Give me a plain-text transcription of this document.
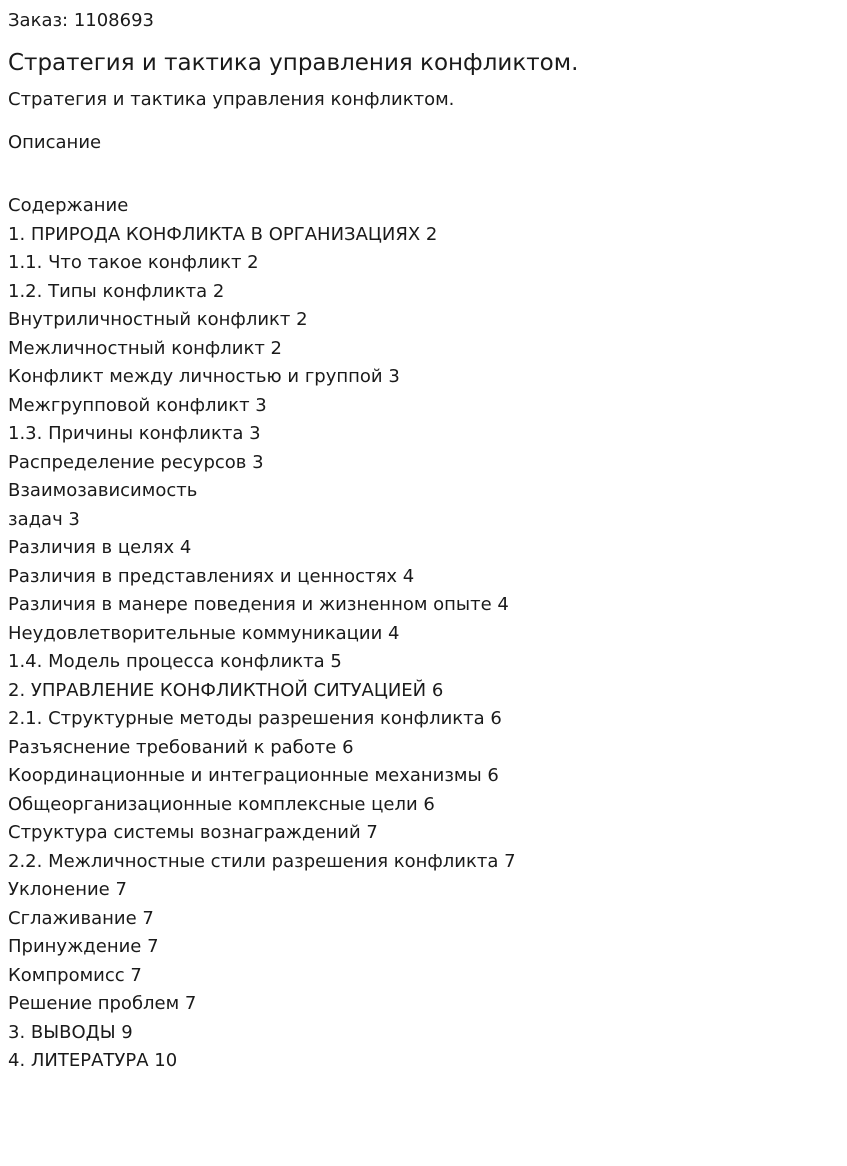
Заказ: 1108693
Стратегия и тактика управления конфликтом.
Стратегия и тактика управления конфликтом.
Описание
Содержание
1. ПРИРОДА КОНФЛИКТА В ОРГАНИЗАЦИЯХ 2
1.1. Что такое конфликт 2
1.2. Типы конфликта 2
Внутриличностный конфликт 2
Межличностный конфликт 2
Конфликт между личностью и группой 3
Межгрупповой конфликт 3
1.3. Причины конфликта 3
Распределение ресурсов 3
Взаимозависимость
задач 3
Различия в целях 4
Различия в представлениях и ценностях 4
Различия в манере поведения и жизненном опыте 4
Неудовлетворительные коммуникации 4
1.4. Модель процесса конфликта 5
2. УПРАВЛЕНИЕ КОНФЛИКТНОЙ СИТУАЦИЕЙ 6
2.1. Структурные методы разрешения конфликта 6
Разъяснение требований к работе 6
Координационные и интеграционные механизмы 6
Общеорганизационные комплексные цели 6
Структура системы вознаграждений 7
2.2. Межличностные стили разрешения конфликта 7
Уклонение 7
Сглаживание 7
Принуждение 7
Компромисс 7
Решение проблем 7
3. ВЫВОДЫ 9
4. ЛИТЕРАТУРА 10
